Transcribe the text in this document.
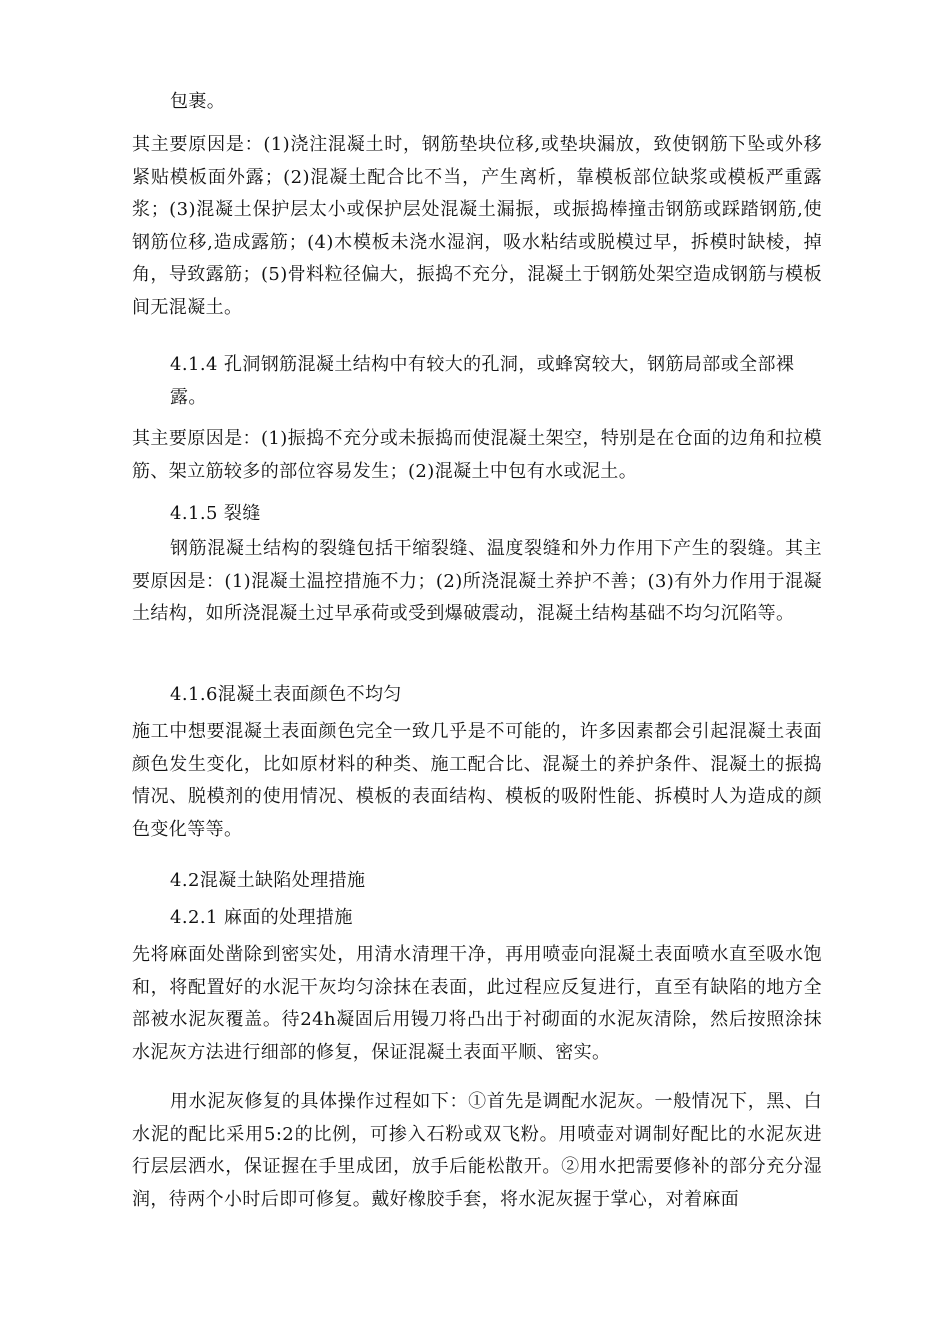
包裹。

其主要原因是：(1)浇注混凝土时，钢筋垫块位移,或垫块漏放，致使钢筋下坠或外移紧贴模板面外露；(2)混凝土配合比不当，产生离析，靠模板部位缺浆或模板严重露浆；(3)混凝土保护层太小或保护层处混凝土漏振，或振捣棒撞击钢筋或踩踏钢筋,使钢筋位移,造成露筋；(4)木模板未浇水湿润，吸水粘结或脱模过早，拆模时缺棱，掉角，导致露筋；(5)骨料粒径偏大，振捣不充分，混凝土于钢筋处架空造成钢筋与模板间无混凝土。

4.1.4 孔洞钢筋混凝土结构中有较大的孔洞，或蜂窝较大，钢筋局部或全部裸露。

其主要原因是：(1)振捣不充分或未振捣而使混凝土架空，特别是在仓面的边角和拉模筋、架立筋较多的部位容易发生；(2)混凝土中包有水或泥土。

4.1.5 裂缝

钢筋混凝土结构的裂缝包括干缩裂缝、温度裂缝和外力作用下产生的裂缝。其主要原因是：(1)混凝土温控措施不力；(2)所浇混凝土养护不善；(3)有外力作用于混凝土结构，如所浇混凝土过早承荷或受到爆破震动，混凝土结构基础不均匀沉陷等。

4.1.6混凝土表面颜色不均匀

施工中想要混凝土表面颜色完全一致几乎是不可能的，许多因素都会引起混凝土表面颜色发生变化，比如原材料的种类、施工配合比、混凝土的养护条件、混凝土的振捣情况、脱模剂的使用情况、模板的表面结构、模板的吸附性能、拆模时人为造成的颜色变化等等。

4.2混凝土缺陷处理措施

4.2.1 麻面的处理措施

先将麻面处凿除到密实处，用清水清理干净，再用喷壶向混凝土表面喷水直至吸水饱和，将配置好的水泥干灰均匀涂抹在表面，此过程应反复进行，直至有缺陷的地方全部被水泥灰覆盖。待24h凝固后用镘刀将凸出于衬砌面的水泥灰清除，然后按照涂抹水泥灰方法进行细部的修复，保证混凝土表面平顺、密实。

用水泥灰修复的具体操作过程如下：①首先是调配水泥灰。一般情况下，黑、白水泥的配比采用5:2的比例，可掺入石粉或双飞粉。用喷壶对调制好配比的水泥灰进行层层洒水，保证握在手里成团，放手后能松散开。②用水把需要修补的部分充分湿润，待两个小时后即可修复。戴好橡胶手套，将水泥灰握于掌心，对着麻面
